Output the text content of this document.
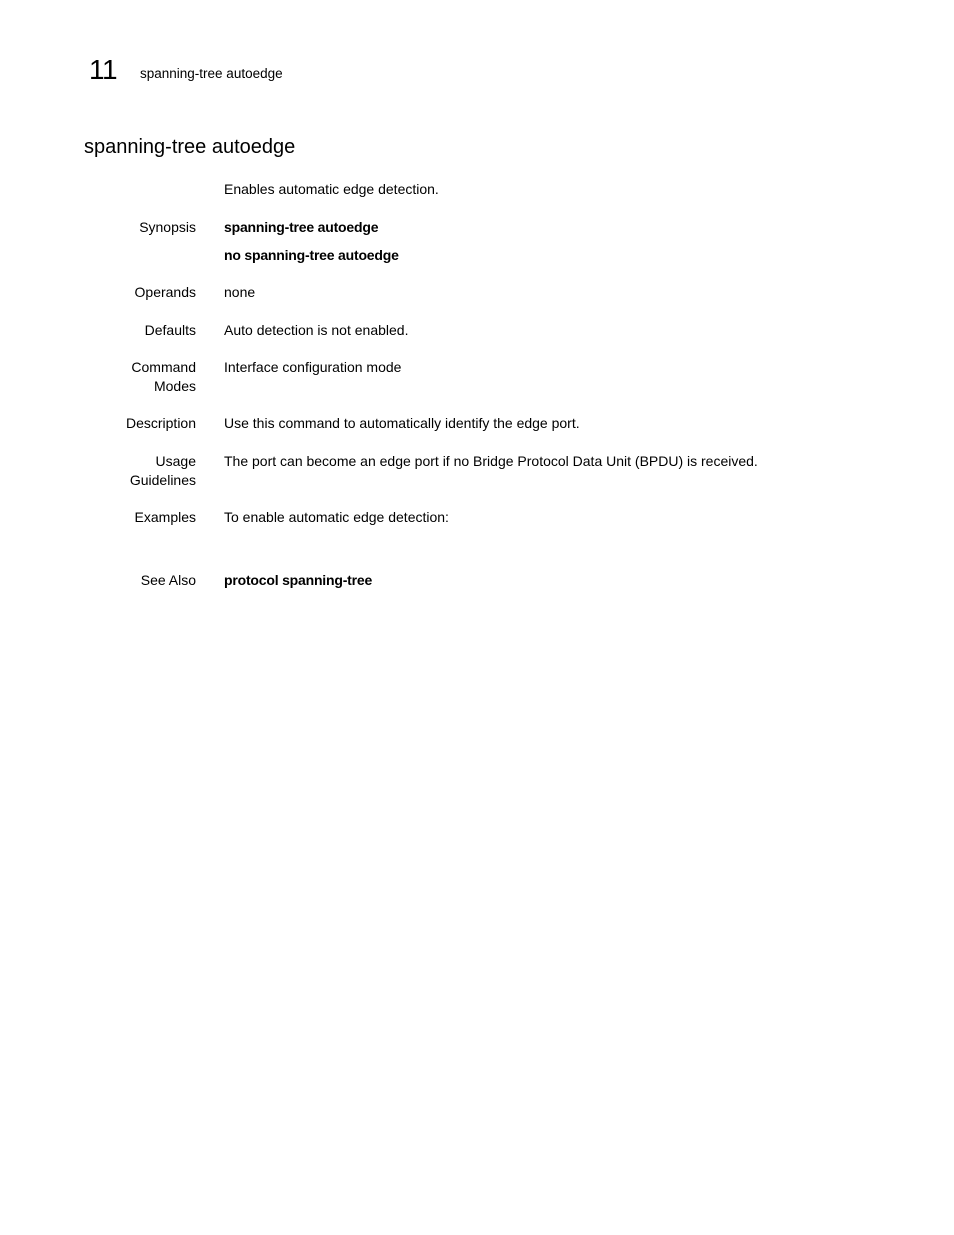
11 spanning-tree autoedge
spanning-tree autoedge
Enables automatic edge detection.
Synopsis spanning-tree autoedge
no spanning-tree autoedge
Operands none
Defaults Auto detection is not enabled.
Command
Modes
Interface configuration mode
Description Use this command to automatically identify the edge port.
Usage
Guidelines
The port can become an edge port if no Bridge Protocol Data Unit (BPDU) is received.
Examples To enable automatic edge detection:
See Also protocol spanning-tree
